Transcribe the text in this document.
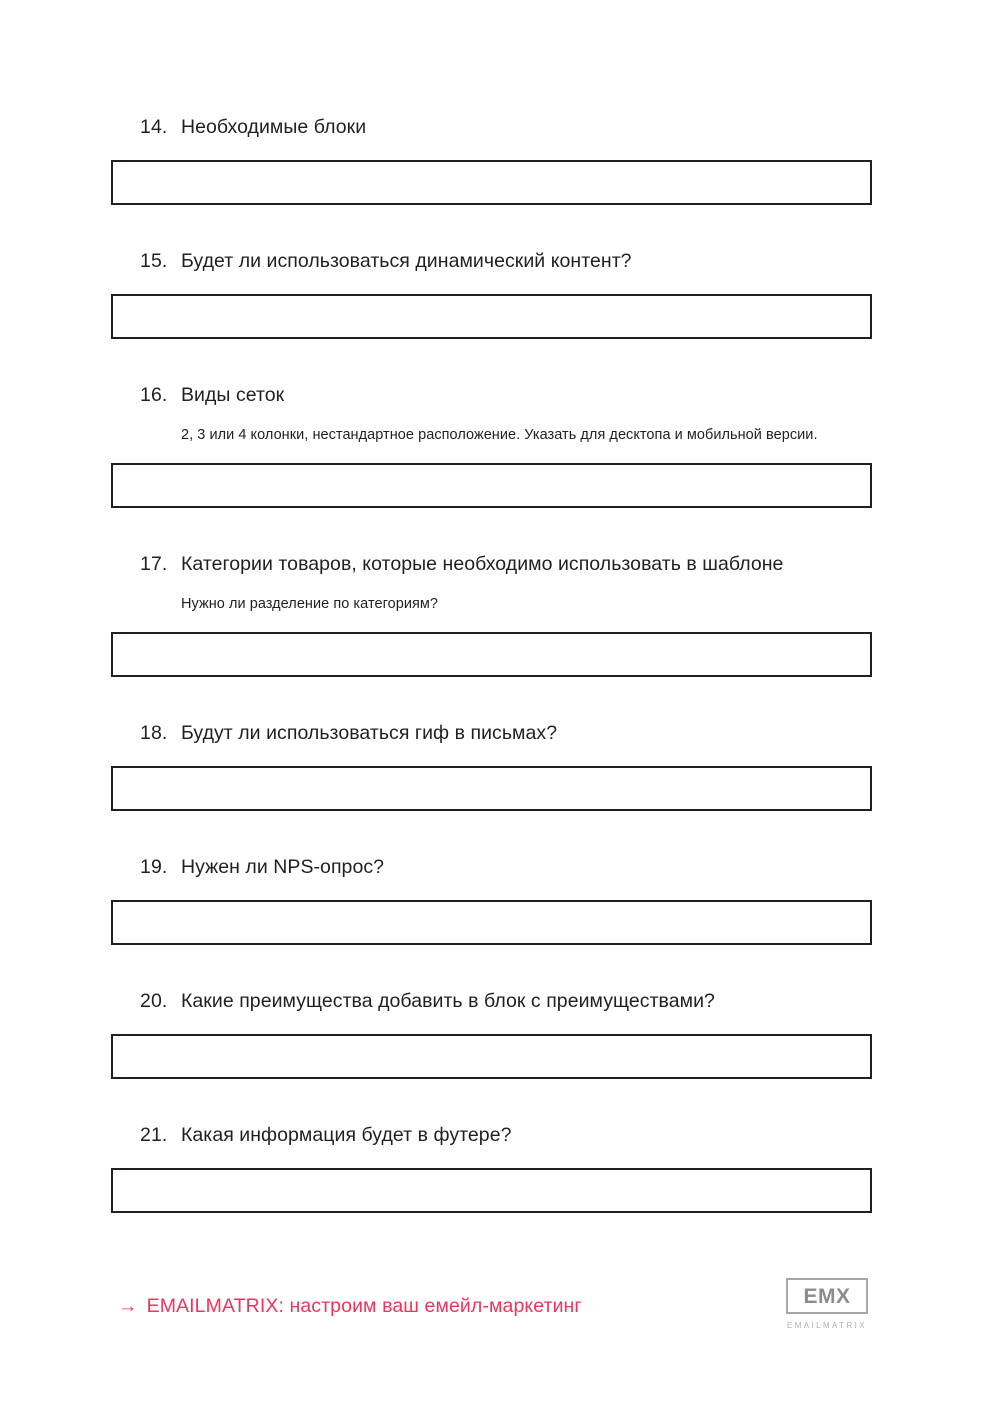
14. Необходимые блоки
15. Будет ли использоваться динамический контент?
16. Виды сеток
2, 3 или 4 колонки, нестандартное расположение. Указать для десктопа и мобильной версии.
17. Категории товаров, которые необходимо использовать в шаблоне
Нужно ли разделение по категориям?
18. Будут ли использоваться гиф в письмах?
19. Нужен ли NPS-опрос?
20. Какие преимущества добавить в блок с преимуществами?
21. Какая информация будет в футере?
→ EMAILMATRIX: настроим ваш емейл-маркетинг	EMX
EMAILMATRIX
